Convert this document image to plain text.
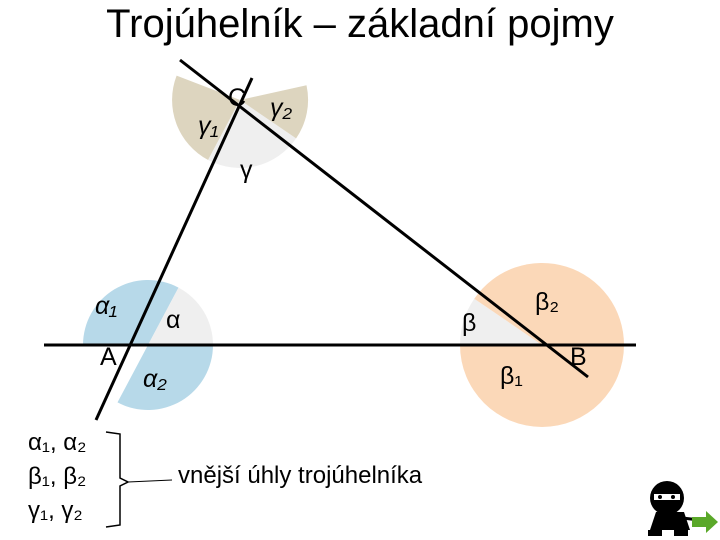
Trojúhelník – základní pojmy
A	B
C
α₁ α
α₂
γ₁
γ₂
γ
β
β₂
β₁
α₁, α₂
β₁, β₂
γ₁, γ₂
vnější úhly trojúhelníka
